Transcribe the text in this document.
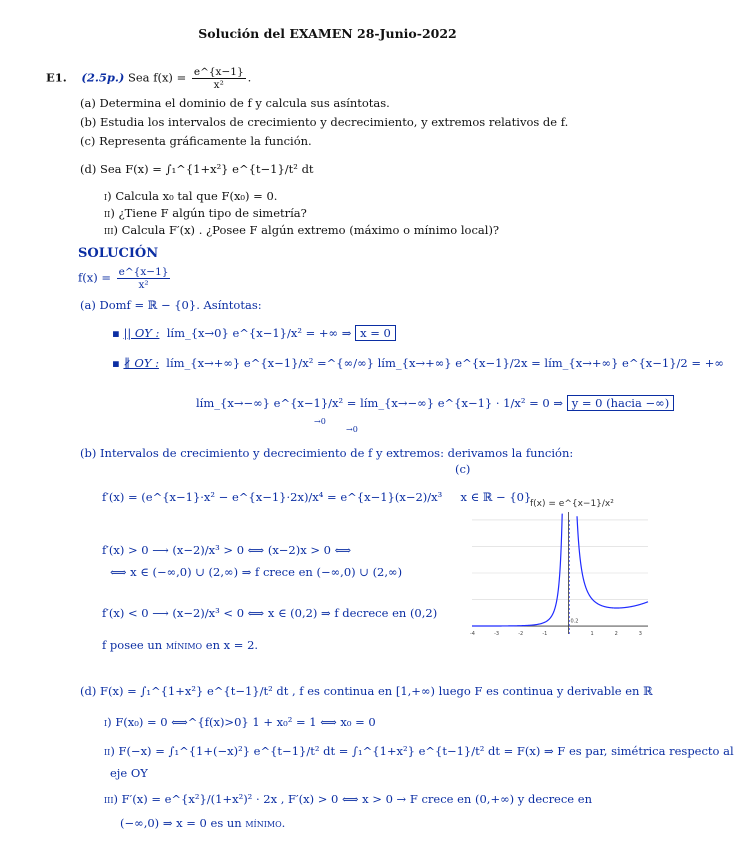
Solución del EXAMEN 28-Junio-2022
E1. (2.5p.) Sea $f(x) = \frac{e\^{}\{x-1\}}{\text{x²}}$ .
(a) Determina el dominio de f y calcula sus asíntotas.
(b) Estudia los intervalos de crecimiento y decrecimiento, y extremos relativos de f.
(c) Representa gráficamente la función.
(d) Sea F(x) = ∫₁^{1+x²} e^{t−1}/t² dt
i) Calcula x₀ tal que F(x₀) = 0.
ii) ¿Tiene F algún tipo de simetría?
iii) Calcula F′(x) . ¿Posee F algún extremo (máximo o mínimo local)?
SOLUCIÓN
$f(x) = \frac{e\^{}\{x-1\}}{\text{x²}}$
(a) Domf = ℝ − {0}. Asíntotas:
▪ || OY : lím_{x→0} e^{x−1}/x² = +∞ ⇒ x = 0
▪ ∦ OY : lím_{x→+∞} e^{x−1}/x² =^{∞/∞} lím_{x→+∞} e^{x−1}/2x = lím_{x→+∞} e^{x−1}/2 = +∞
lím_{x→−∞} e^{x−1}/x² = lím_{x→−∞} e^{x−1} · 1/x² = 0 ⇒ y = 0 (hacia −∞)
→0
→0
(b) Intervalos de crecimiento y decrecimiento de f y extremos: derivamos la función:
(c)
f′(x) = (e^{x−1}·x² − e^{x−1}·2x)/x⁴ = e^{x−1}(x−2)/x³ x ∈ ℝ − {0}
f′(x) > 0 ⟶ (x−2)/x³ > 0 ⟺ (x−2)x > 0 ⟺
⟺ x ∈ (−∞,0) ∪ (2,∞) ⇒ f crece en (−∞,0) ∪ (2,∞)
f′(x) < 0 ⟶ (x−2)/x³ < 0 ⟺ x ∈ (0,2) ⇒ f decrece en (0,2)
f posee un mínimo en x = 2.
f(x) = e^{x−1}/x²
-4	-3	-2	-1	1	2	3
0.2
(d) F(x) = ∫₁^{1+x²} e^{t−1}/t² dt , f es continua en [1,+∞) luego F es continua y derivable en ℝ
i) F(x₀) = 0 ⟺^{f(x)>0} 1 + x₀² = 1 ⟺ x₀ = 0
ii) F(−x) = ∫₁^{1+(−x)²} e^{t−1}/t² dt = ∫₁^{1+x²} e^{t−1}/t² dt = F(x) ⇒ F es par, simétrica respecto al
eje OY
iii) F′(x) = e^{x²}/(1+x²)² · 2x , F′(x) > 0 ⟺ x > 0 → F crece en (0,+∞) y decrece en
(−∞,0) ⇒ x = 0 es un mínimo.
